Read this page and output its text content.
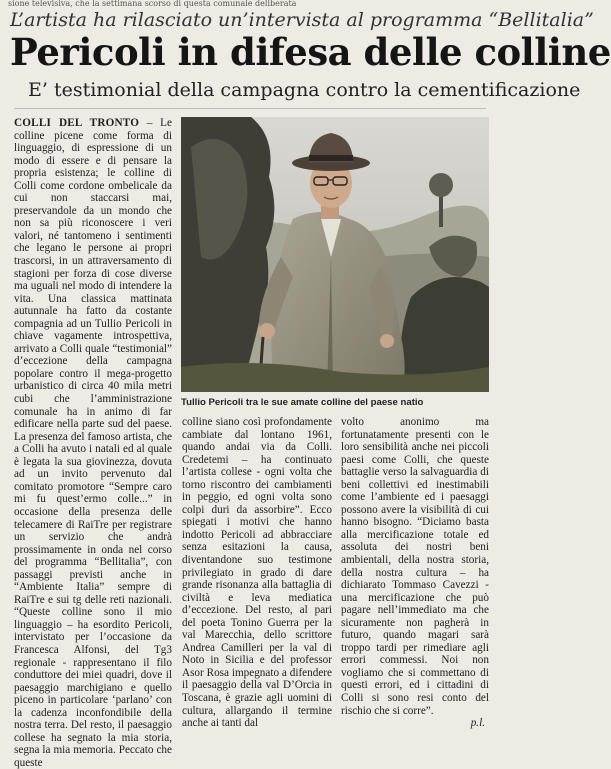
sione televisiva, che la settimana scorso di questa comunale deliberata
L’artista ha rilasciato un’intervista al programma “Bellitalia”
Pericoli in difesa delle colline
E’ testimonial della campagna contro la cementificazione
COLLI DEL TRONTO – Le colline picene come forma di linguaggio, di espressione di un modo di essere e di pensare la propria esistenza; le colline di Colli come cordone ombelicale da cui non staccarsi mai, preservandole da un mondo che non sa più riconoscere i veri valori, né tantomeno i sentimenti che legano le persone ai propri trascorsi, in un attraversamento di stagioni per forza di cose diverse ma uguali nel modo di intendere la vita. Una classica mattinata autunnale ha fatto da costante compagnia ad un Tullio Pericoli in chiave vagamente introspettiva, arrivato a Colli quale “testimonial” d’eccezione della campagna popolare contro il mega-progetto urbanistico di circa 40 mila metri cubi che l’amministrazione comunale ha in animo di far edificare nella parte sud del paese. La presenza del famoso artista, che a Colli ha avuto i natali ed al quale è legata la sua giovinezza, dovuta ad un invito pervenuto dal comitato promotore “Sempre caro mi fu quest’ermo colle...” in occasione della presenza delle telecamere di RaiTre per registrare un servizio che andrà prossimamente in onda nel corso del programma “Bellitalia”, con passaggi previsti anche in “Ambiente Italia” sempre di RaiTre e sui tg delle reti nazionali. “Queste colline sono il mio linguaggio – ha esordito Pericoli, intervistato per l’occasione da Francesca Alfonsi, del Tg3 regionale - rappresentano il filo conduttore dei miei quadri, dove il paesaggio marchigiano e quello piceno in particolare ‘parlano’ con la cadenza inconfondibile della nostra terra. Del resto, il paesaggio collese ha segnato la mia storia, segna la mia memoria. Peccato che queste
Tullio Pericoli tra le sue amate colline del paese natio
colline siano così profondamente cambiate dal lontano 1961, quando andai via da Colli. Credetemi – ha continuato l’artista collese - ogni volta che torno riscontro dei cambiamenti in peggio, ed ogni volta sono colpi duri da assorbire”. Ecco spiegati i motivi che hanno indotto Pericoli ad abbracciare senza esitazioni la causa, diventandone suo testimone privilegiato in grado di dare grande risonanza alla battaglia di civiltà e leva mediatica d’eccezione. Del resto, al pari del poeta Tonino Guerra per la val Marecchia, dello scrittore Andrea Camilleri per la val di Noto in Sicilia e del professor Asor Rosa impegnato a difendere il paesaggio della val D’Orcia in Toscana, è grazie agli uomini di cultura, allargando il termine anche ai tanti dal
volto anonimo ma fortunatamente presenti con le loro sensibilità anche nei piccoli paesi come Colli, che queste battaglie verso la salvaguardia di beni collettivi ed inestimabili come l’ambiente ed i paesaggi possono avere la visibilità di cui hanno bisogno. “Diciamo basta alla mercificazione totale ed assoluta dei nostri beni ambientali, della nostra storia, della nostra cultura – ha dichiarato Tommaso Cavezzi - una mercificazione che può pagare nell’immediato ma che sicuramente non pagherà in futuro, quando magari sarà troppo tardi per rimediare agli errori commessi. Noi non vogliamo che si commettano di questi errori, ed i cittadini di Colli si sono resi conto del rischio che si corre”.
p.l.
